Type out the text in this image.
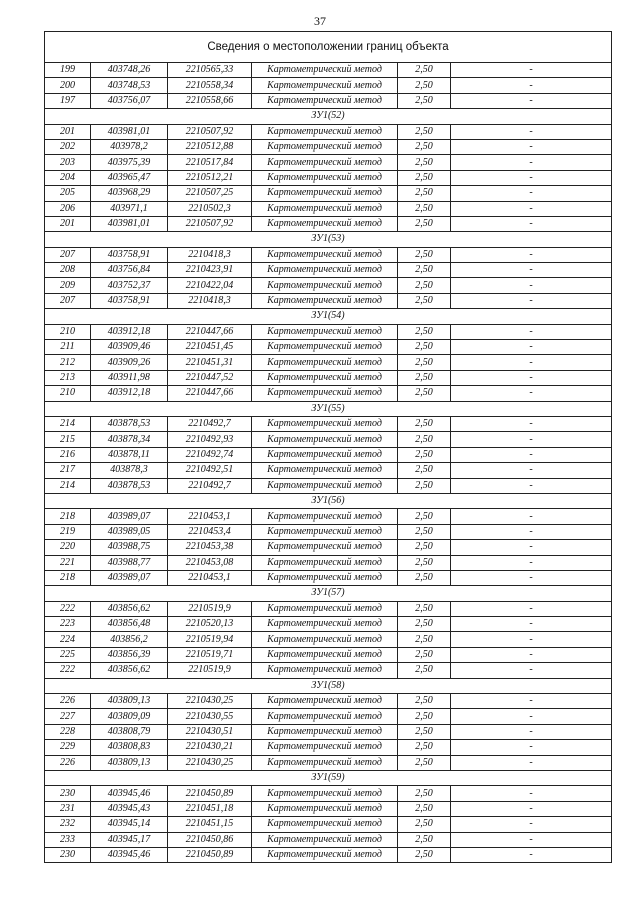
37
Сведения о местоположении границ объекта					
199	403748,26	2210565,33	Картометрический метод	2,50	-
200	403748,53	2210558,34	Картометрический метод	2,50	-
197	403756,07	2210558,66	Картометрический метод	2,50	-
ЗУ1(52)					
201	403981,01	2210507,92	Картометрический метод	2,50	-
202	403978,2	2210512,88	Картометрический метод	2,50	-
203	403975,39	2210517,84	Картометрический метод	2,50	-
204	403965,47	2210512,21	Картометрический метод	2,50	-
205	403968,29	2210507,25	Картометрический метод	2,50	-
206	403971,1	2210502,3	Картометрический метод	2,50	-
201	403981,01	2210507,92	Картометрический метод	2,50	-
ЗУ1(53)					
207	403758,91	2210418,3	Картометрический метод	2,50	-
208	403756,84	2210423,91	Картометрический метод	2,50	-
209	403752,37	2210422,04	Картометрический метод	2,50	-
207	403758,91	2210418,3	Картометрический метод	2,50	-
ЗУ1(54)					
210	403912,18	2210447,66	Картометрический метод	2,50	-
211	403909,46	2210451,45	Картометрический метод	2,50	-
212	403909,26	2210451,31	Картометрический метод	2,50	-
213	403911,98	2210447,52	Картометрический метод	2,50	-
210	403912,18	2210447,66	Картометрический метод	2,50	-
ЗУ1(55)					
214	403878,53	2210492,7	Картометрический метод	2,50	-
215	403878,34	2210492,93	Картометрический метод	2,50	-
216	403878,11	2210492,74	Картометрический метод	2,50	-
217	403878,3	2210492,51	Картометрический метод	2,50	-
214	403878,53	2210492,7	Картометрический метод	2,50	-
ЗУ1(56)					
218	403989,07	2210453,1	Картометрический метод	2,50	-
219	403989,05	2210453,4	Картометрический метод	2,50	-
220	403988,75	2210453,38	Картометрический метод	2,50	-
221	403988,77	2210453,08	Картометрический метод	2,50	-
218	403989,07	2210453,1	Картометрический метод	2,50	-
ЗУ1(57)					
222	403856,62	2210519,9	Картометрический метод	2,50	-
223	403856,48	2210520,13	Картометрический метод	2,50	-
224	403856,2	2210519,94	Картометрический метод	2,50	-
225	403856,39	2210519,71	Картометрический метод	2,50	-
222	403856,62	2210519,9	Картометрический метод	2,50	-
ЗУ1(58)					
226	403809,13	2210430,25	Картометрический метод	2,50	-
227	403809,09	2210430,55	Картометрический метод	2,50	-
228	403808,79	2210430,51	Картометрический метод	2,50	-
229	403808,83	2210430,21	Картометрический метод	2,50	-
226	403809,13	2210430,25	Картометрический метод	2,50	-
ЗУ1(59)					
230	403945,46	2210450,89	Картометрический метод	2,50	-
231	403945,43	2210451,18	Картометрический метод	2,50	-
232	403945,14	2210451,15	Картометрический метод	2,50	-
233	403945,17	2210450,86	Картометрический метод	2,50	-
230	403945,46	2210450,89	Картометрический метод	2,50	-
